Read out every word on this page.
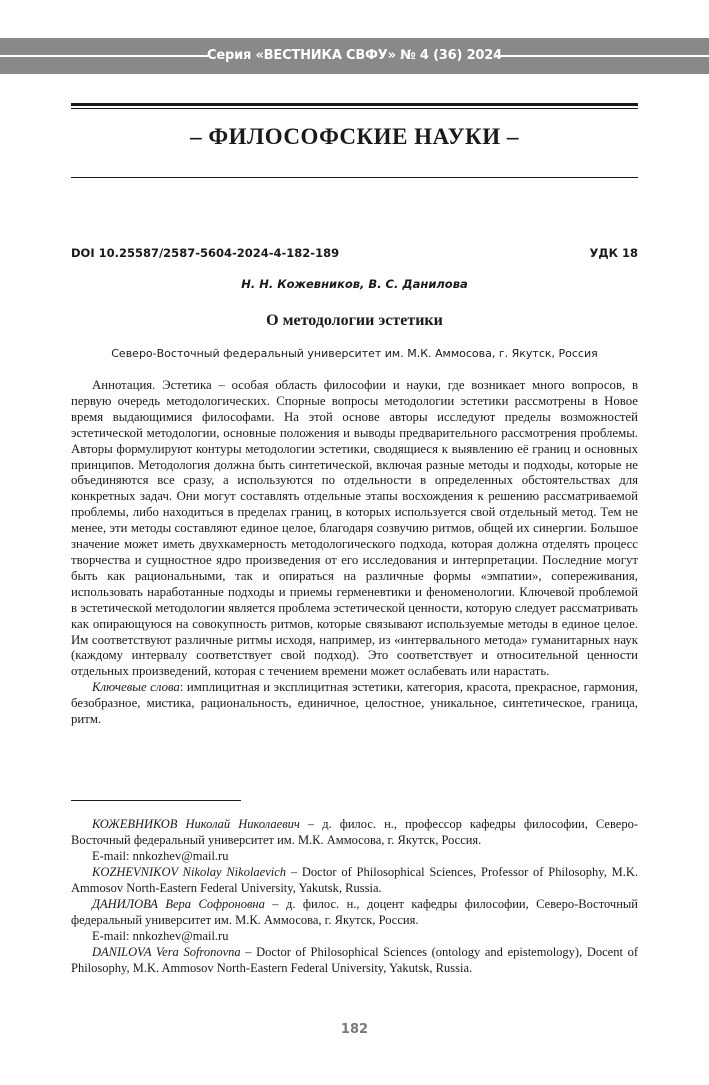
Серия «ВЕСТНИКА СВФУ» № 4 (36) 2024
– ФИЛОСОФСКИЕ НАУКИ –
DOI 10.25587/2587-5604-2024-4-182-189	УДК 18
Н. Н. Кожевников, В. С. Данилова
О методологии эстетики
Северо-Восточный федеральный университет им. М.К. Аммосова, г. Якутск, Россия

Аннотация. Эстетика – особая область философии и науки, где возникает много вопросов, в первую очередь методологических. Спорные вопросы методологии эстетики рассмотрены в Новое время выдающимися философами. На этой основе авторы исследуют пределы возможностей эстетической методологии, основные положения и выводы предварительного рассмотрения проблемы. Авторы формулируют контуры методологии эстетики, сводящиеся к выявлению её границ и основных принципов. Методология должна быть синтетической, включая разные методы и подходы, которые не объединяются все сразу, а используются по отдельности в определенных обстоятельствах для конкретных задач. Они могут составлять отдельные этапы восхождения к решению рассматриваемой проблемы, либо находиться в пределах границ, в которых используется свой отдельный метод. Тем не менее, эти методы составляют единое целое, благодаря созвучию ритмов, общей их синергии. Большое значение может иметь двухкамерность методологического подхода, которая должна отделять процесс творчества и сущностное ядро произведения от его исследования и интерпретации. Последние могут быть как рациональными, так и опираться на различные формы «эмпатии», сопереживания, использовать наработанные подходы и приемы герменевтики и феноменологии. Ключевой проблемой в эстетической методологии является проблема эстетической ценности, которую следует рассматривать как опирающуюся на совокупность ритмов, которые связывают используемые методы в единое целое. Им соответствуют различные ритмы исходя, например, из «интервального метода» гуманитарных наук (каждому интервалу соответствует свой подход). Это соответствует и относительной ценности отдельных произведений, которая с течением времени может ослабевать или нарастать.

Ключевые слова: имплицитная и эксплицитная эстетики, категория, красота, прекрасное, гармония, безобразное, мистика, рациональность, единичное, целостное, уникальное, синтетическое, граница, ритм.

КОЖЕВНИКОВ Николай Николаевич – д. филос. н., профессор кафедры философии, Северо-Восточный федеральный университет им. М.К. Аммосова, г. Якутск, Россия.

E-mail: nnkozhev@mail.ru

KOZHEVNIKOV Nikolay Nikolaevich – Doctor of Philosophical Sciences, Professor of Philosophy, M.K. Ammosov North-Eastern Federal University, Yakutsk, Russia.

ДАНИЛОВА Вера Софроновна – д. филос. н., доцент кафедры философии, Северо-Восточный федеральный университет им. М.К. Аммосова, г. Якутск, Россия.

E-mail: nnkozhev@mail.ru

DANILOVA Vera Sofronovna – Doctor of Philosophical Sciences (ontology and epistemology), Docent of Philosophy, M.K. Ammosov North-Eastern Federal University, Yakutsk, Russia.

182
